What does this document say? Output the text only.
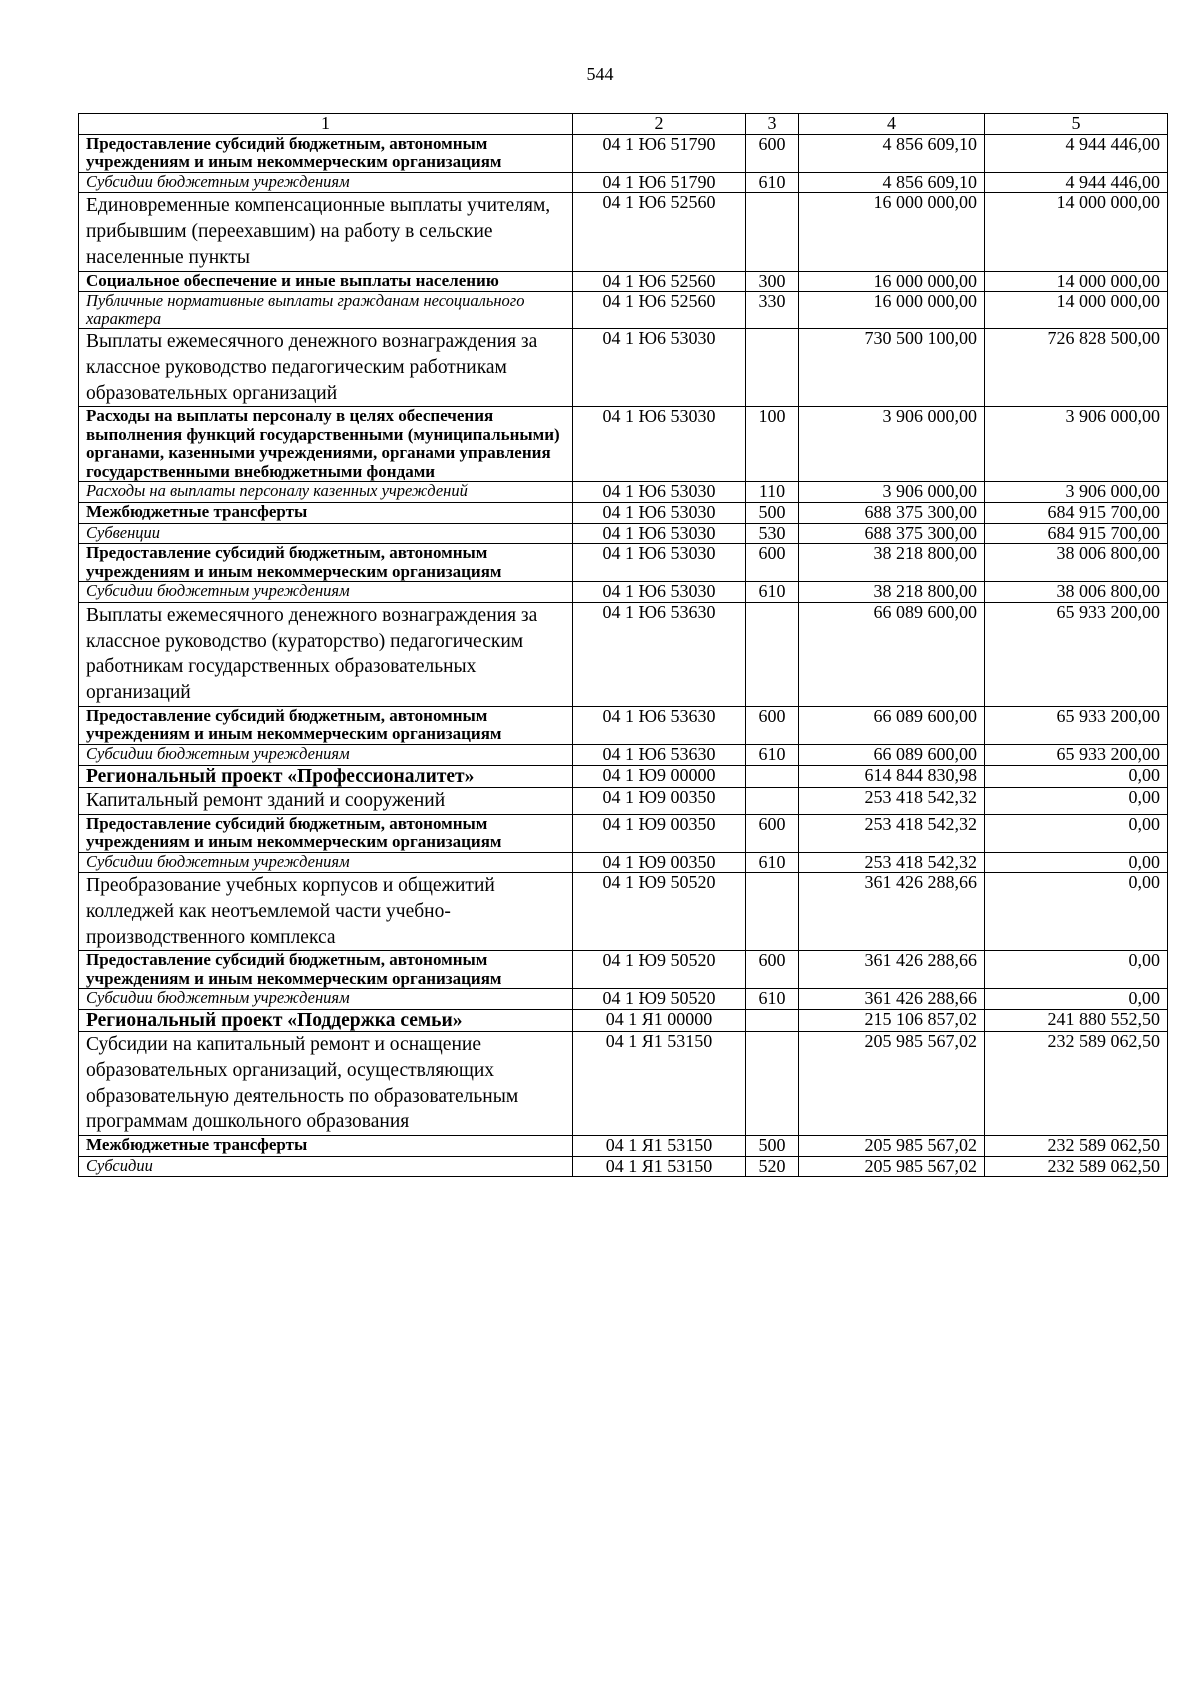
544
1	2	3	4	5
Предоставление субсидий бюджетным, автономным учреждениям и иным некоммерческим организациям	04 1 Ю6 51790	600	4 856 609,10	4 944 446,00
Субсидии бюджетным учреждениям	04 1 Ю6 51790	610	4 856 609,10	4 944 446,00
Единовременные компенсационные выплаты учителям, прибывшим (переехавшим) на работу в сельские населенные пункты	04 1 Ю6 52560		16 000 000,00	14 000 000,00
Социальное обеспечение и иные выплаты населению	04 1 Ю6 52560	300	16 000 000,00	14 000 000,00
Публичные нормативные выплаты гражданам несоциального характера	04 1 Ю6 52560	330	16 000 000,00	14 000 000,00
Выплаты ежемесячного денежного вознаграждения за классное руководство педагогическим работникам образовательных организаций	04 1 Ю6 53030		730 500 100,00	726 828 500,00
Расходы на выплаты персоналу в целях обеспечения выполнения функций государственными (муниципальными) органами, казенными учреждениями, органами управления государственными внебюджетными фондами	04 1 Ю6 53030	100	3 906 000,00	3 906 000,00
Расходы на выплаты персоналу казенных учреждений	04 1 Ю6 53030	110	3 906 000,00	3 906 000,00
Межбюджетные трансферты	04 1 Ю6 53030	500	688 375 300,00	684 915 700,00
Субвенции	04 1 Ю6 53030	530	688 375 300,00	684 915 700,00
Предоставление субсидий бюджетным, автономным учреждениям и иным некоммерческим организациям	04 1 Ю6 53030	600	38 218 800,00	38 006 800,00
Субсидии бюджетным учреждениям	04 1 Ю6 53030	610	38 218 800,00	38 006 800,00
Выплаты ежемесячного денежного вознаграждения за классное руководство (кураторство) педагогическим работникам государственных образовательных организаций	04 1 Ю6 53630		66 089 600,00	65 933 200,00
Предоставление субсидий бюджетным, автономным учреждениям и иным некоммерческим организациям	04 1 Ю6 53630	600	66 089 600,00	65 933 200,00
Субсидии бюджетным учреждениям	04 1 Ю6 53630	610	66 089 600,00	65 933 200,00
Региональный проект «Профессионалитет»	04 1 Ю9 00000		614 844 830,98	0,00
Капитальный ремонт зданий и сооружений	04 1 Ю9 00350		253 418 542,32	0,00
Предоставление субсидий бюджетным, автономным учреждениям и иным некоммерческим организациям	04 1 Ю9 00350	600	253 418 542,32	0,00
Субсидии бюджетным учреждениям	04 1 Ю9 00350	610	253 418 542,32	0,00
Преобразование учебных корпусов и общежитий колледжей как неотъемлемой части учебно-производственного комплекса	04 1 Ю9 50520		361 426 288,66	0,00
Предоставление субсидий бюджетным, автономным учреждениям и иным некоммерческим организациям	04 1 Ю9 50520	600	361 426 288,66	0,00
Субсидии бюджетным учреждениям	04 1 Ю9 50520	610	361 426 288,66	0,00
Региональный проект «Поддержка семьи»	04 1 Я1 00000		215 106 857,02	241 880 552,50
Субсидии на капитальный ремонт и оснащение образовательных организаций, осуществляющих образовательную деятельность по образовательным программам дошкольного образования	04 1 Я1 53150		205 985 567,02	232 589 062,50
Межбюджетные трансферты	04 1 Я1 53150	500	205 985 567,02	232 589 062,50
Субсидии	04 1 Я1 53150	520	205 985 567,02	232 589 062,50
